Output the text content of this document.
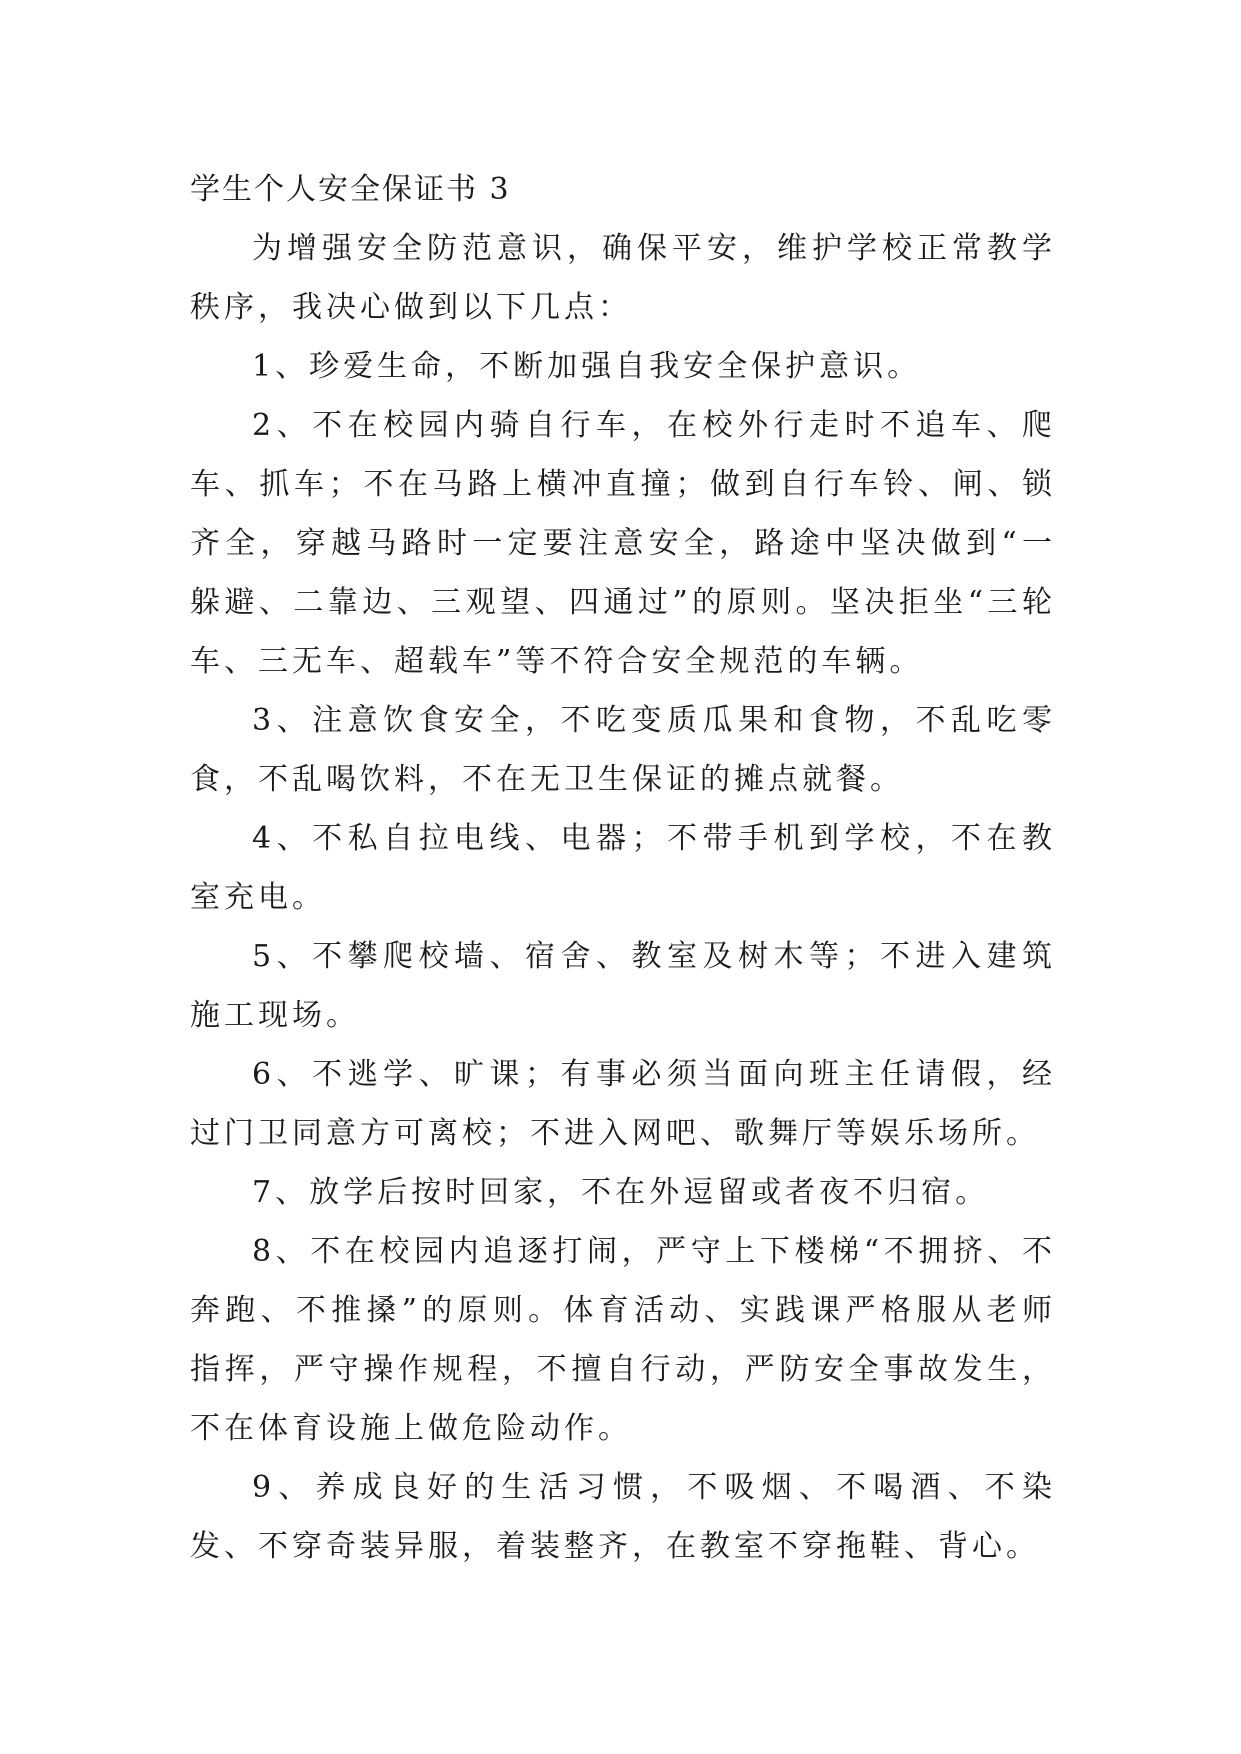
学生个人安全保证书 3

为增强安全防范意识，确保平安，维护学校正常教学秩序，我决心做到以下几点：

1、珍爱生命，不断加强自我安全保护意识。

2、不在校园内骑自行车，在校外行走时不追车、爬车、抓车；不在马路上横冲直撞；做到自行车铃、闸、锁齐全，穿越马路时一定要注意安全，路途中坚决做到“一躲避、二靠边、三观望、四通过”的原则。坚决拒坐“三轮车、三无车、超载车”等不符合安全规范的车辆。

3、注意饮食安全，不吃变质瓜果和食物，不乱吃零食，不乱喝饮料，不在无卫生保证的摊点就餐。

4、不私自拉电线、电器；不带手机到学校，不在教室充电。

5、不攀爬校墙、宿舍、教室及树木等；不进入建筑施工现场。

6、不逃学、旷课；有事必须当面向班主任请假，经过门卫同意方可离校；不进入网吧、歌舞厅等娱乐场所。

7、放学后按时回家，不在外逗留或者夜不归宿。

8、不在校园内追逐打闹，严守上下楼梯“不拥挤、不奔跑、不推搡”的原则。体育活动、实践课严格服从老师指挥，严守操作规程，不擅自行动，严防安全事故发生，不在体育设施上做危险动作。

9、养成良好的生活习惯，不吸烟、不喝酒、不染发、不穿奇装异服，着装整齐，在教室不穿拖鞋、背心。
